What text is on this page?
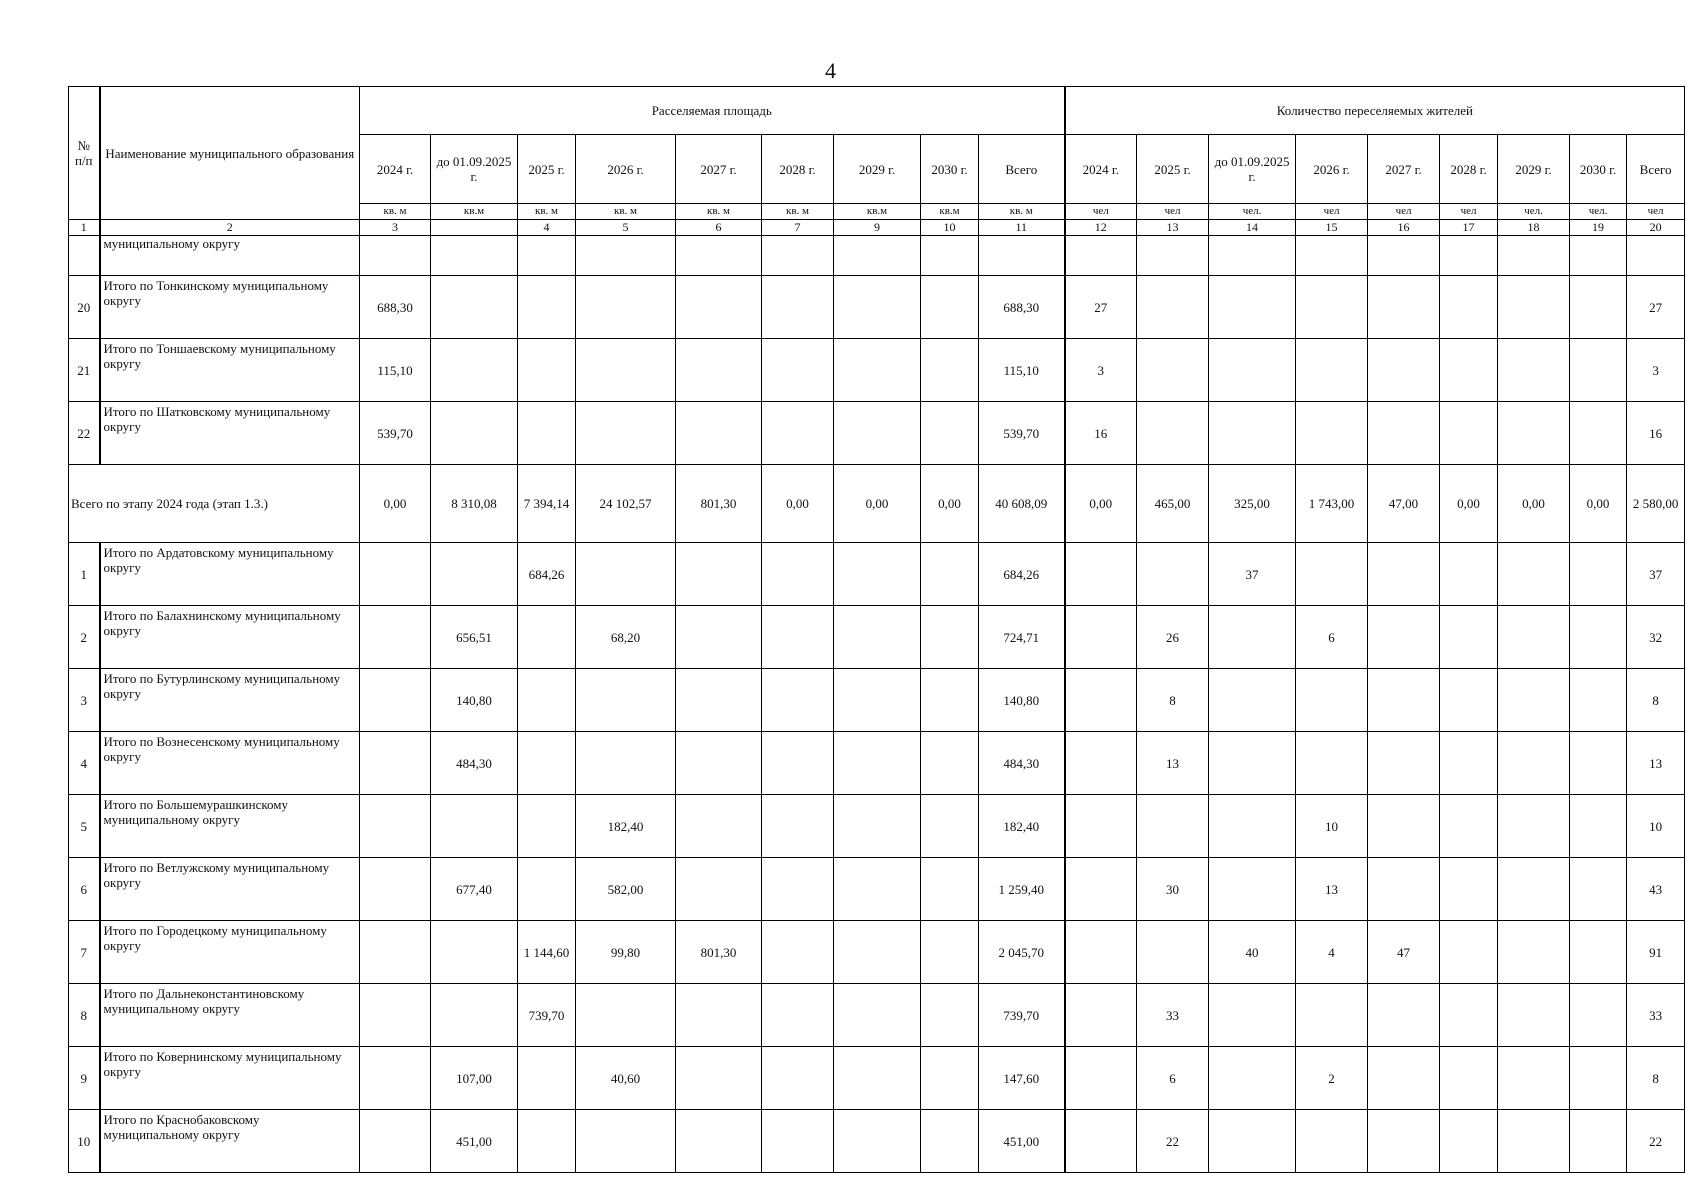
4
№ п/п	Наименование муниципального образования	Расселяемая площадь									Количество переселяемых жителей								
		2024 г.	до 01.09.2025 г.	2025 г.	2026 г.	2027 г.	2028 г.	2029 г.	2030 г.	Всего	2024 г.	2025 г.	до 01.09.2025 г.	2026 г.	2027 г.	2028 г.	2029 г.	2030 г.	Всего
		кв. м	кв.м	кв. м	кв. м	кв. м	кв. м	кв.м	кв.м	кв. м	чел	чел	чел.	чел	чел	чел	чел.	чел.	чел
1	2	3		4	5	6	7	9	10	11	12	13	14	15	16	17	18	19	20
	муниципальному округу																		
20	Итого по Тонкинскому муниципальному округу	688,30								688,30	27								27
21	Итого по Тоншаевскому муниципальному округу	115,10								115,10	3								3
22	Итого по Шатковскому муниципальному округу	539,70								539,70	16								16
Всего по этапу 2024 года (этап 1.3.)		0,00	8 310,08	7 394,14	24 102,57	801,30	0,00	0,00	0,00	40 608,09	0,00	465,00	325,00	1 743,00	47,00	0,00	0,00	0,00	2 580,00
1	Итого по Ардатовскому муниципальному округу			684,26						684,26			37						37
2	Итого по Балахнинскому муниципальному округу		656,51		68,20					724,71		26		6					32
3	Итого по Бутурлинскому муниципальному округу		140,80							140,80		8							8
4	Итого по Вознесенскому муниципальному округу		484,30							484,30		13							13
5	Итого по Большемурашкинскому муниципальному округу				182,40					182,40				10					10
6	Итого по Ветлужскому муниципальному округу		677,40		582,00					1 259,40		30		13					43
7	Итого по Городецкому муниципальному округу			1 144,60	99,80	801,30				2 045,70			40	4	47				91
8	Итого по Дальнеконстантиновскому муниципальному округу			739,70						739,70		33							33
9	Итого по Ковернинскому муниципальному округу		107,00		40,60					147,60		6		2					8
10	Итого по Краснобаковскому муниципальному округу		451,00							451,00		22							22
